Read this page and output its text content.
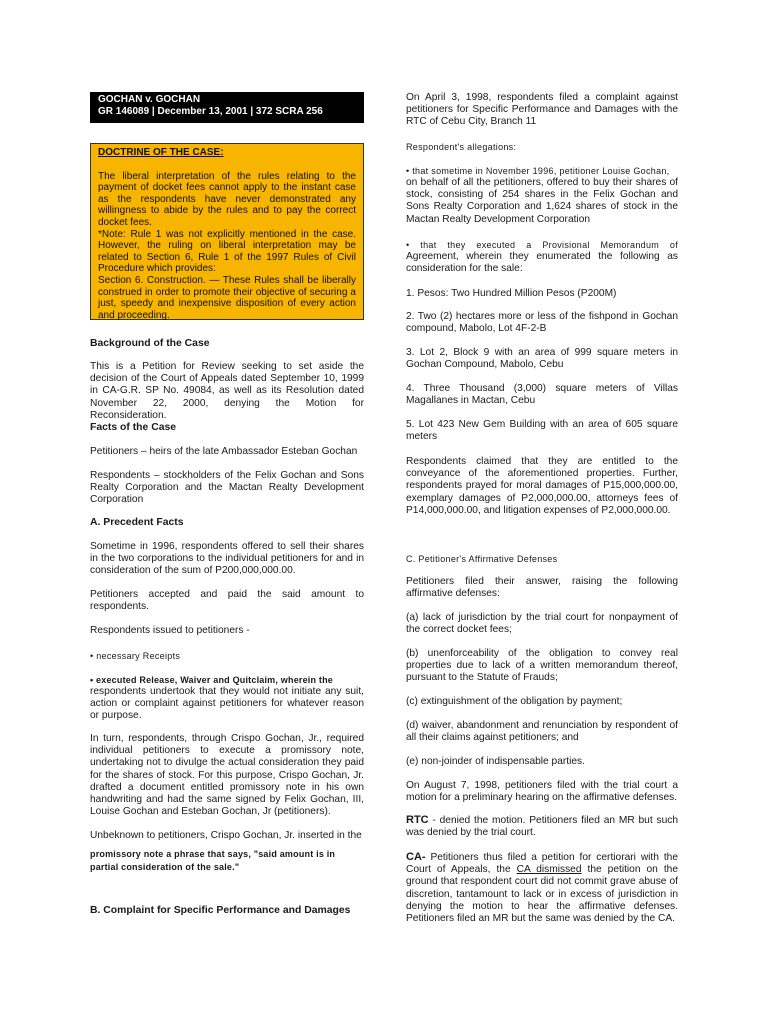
GOCHAN v. GOCHAN
GR 146089 | December 13, 2001 | 372 SCRA 256
DOCTRINE OF THE CASE:
The liberal interpretation of the rules relating to the payment of docket fees cannot apply to the instant case as the respondents have never demonstrated any willingness to abide by the rules and to pay the correct docket fees.
*Note: Rule 1 was not explicitly mentioned in the case. However, the ruling on liberal interpretation may be related to Section 6, Rule 1 of the 1997 Rules of Civil Procedure which provides:
Section 6. Construction. — These Rules shall be liberally construed in order to promote their objective of securing a just, speedy and inexpensive disposition of every action and proceeding.

Background of the Case

This is a Petition for Review seeking to set aside the decision of the Court of Appeals dated September 10, 1999 in CA-G.R. SP No. 49084, as well as its Resolution dated November 22, 2000, denying the Motion for Reconsideration.

Facts of the Case

Petitioners – heirs of the late Ambassador Esteban Gochan

Respondents – stockholders of the Felix Gochan and Sons Realty Corporation and the Mactan Realty Development Corporation

A. Precedent Facts

Sometime in 1996, respondents offered to sell their shares in the two corporations to the individual petitioners for and in consideration of the sum of P200,000,000.00.

Petitioners accepted and paid the said amount to respondents.

Respondents issued to petitioners -

• necessary Receipts

• executed Release, Waiver and Quitclaim, wherein the

respondents undertook that they would not initiate any suit, action or complaint against petitioners for whatever reason or purpose.

In turn, respondents, through Crispo Gochan, Jr., required individual petitioners to execute a promissory note, undertaking not to divulge the actual consideration they paid for the shares of stock. For this purpose, Crispo Gochan, Jr. drafted a document entitled promissory note in his own handwriting and had the same signed by Felix Gochan, III, Louise Gochan and Esteban Gochan, Jr (petitioners).

Unbeknown to petitioners, Crispo Gochan, Jr. inserted in the

promissory note a phrase that says, "said amount is in partial consideration of the sale."

B. Complaint for Specific Performance and Damages

On April 3, 1998, respondents filed a complaint against petitioners for Specific Performance and Damages with the RTC of Cebu City, Branch 11

Respondent's allegations:

• that sometime in November 1996, petitioner Louise Gochan,

on behalf of all the petitioners, offered to buy their shares of stock, consisting of 254 shares in the Felix Gochan and Sons Realty Corporation and 1,624 shares of stock in the Mactan Realty Development Corporation

• that they executed a Provisional Memorandum of

Agreement, wherein they enumerated the following as consideration for the sale:

1. Pesos: Two Hundred Million Pesos (P200M)

2. Two (2) hectares more or less of the fishpond in Gochan compound, Mabolo, Lot 4F-2-B

3. Lot 2, Block 9 with an area of 999 square meters in Gochan Compound, Mabolo, Cebu

4. Three Thousand (3,000) square meters of Villas Magallanes in Mactan, Cebu

5. Lot 423 New Gem Building with an area of 605 square meters

Respondents claimed that they are entitled to the conveyance of the aforementioned properties. Further, respondents prayed for moral damages of P15,000,000.00, exemplary damages of P2,000,000.00, attorneys fees of P14,000,000.00, and litigation expenses of P2,000,000.00.

C. Petitioner's Affirmative Defenses

Petitioners filed their answer, raising the following affirmative defenses:

(a) lack of jurisdiction by the trial court for nonpayment of the correct docket fees;

(b) unenforceability of the obligation to convey real properties due to lack of a written memorandum thereof, pursuant to the Statute of Frauds;

(c) extinguishment of the obligation by payment;

(d) waiver, abandonment and renunciation by respondent of all their claims against petitioners; and

(e) non-joinder of indispensable parties.

On August 7, 1998, petitioners filed with the trial court a motion for a preliminary hearing on the affirmative defenses.

RTC - denied the motion. Petitioners filed an MR but such was denied by the trial court.

CA- Petitioners thus filed a petition for certiorari with the Court of Appeals, the CA dismissed the petition on the ground that respondent court did not commit grave abuse of discretion, tantamount to lack or in excess of jurisdiction in denying the motion to hear the affirmative defenses. Petitioners filed an MR but the same was denied by the CA.
